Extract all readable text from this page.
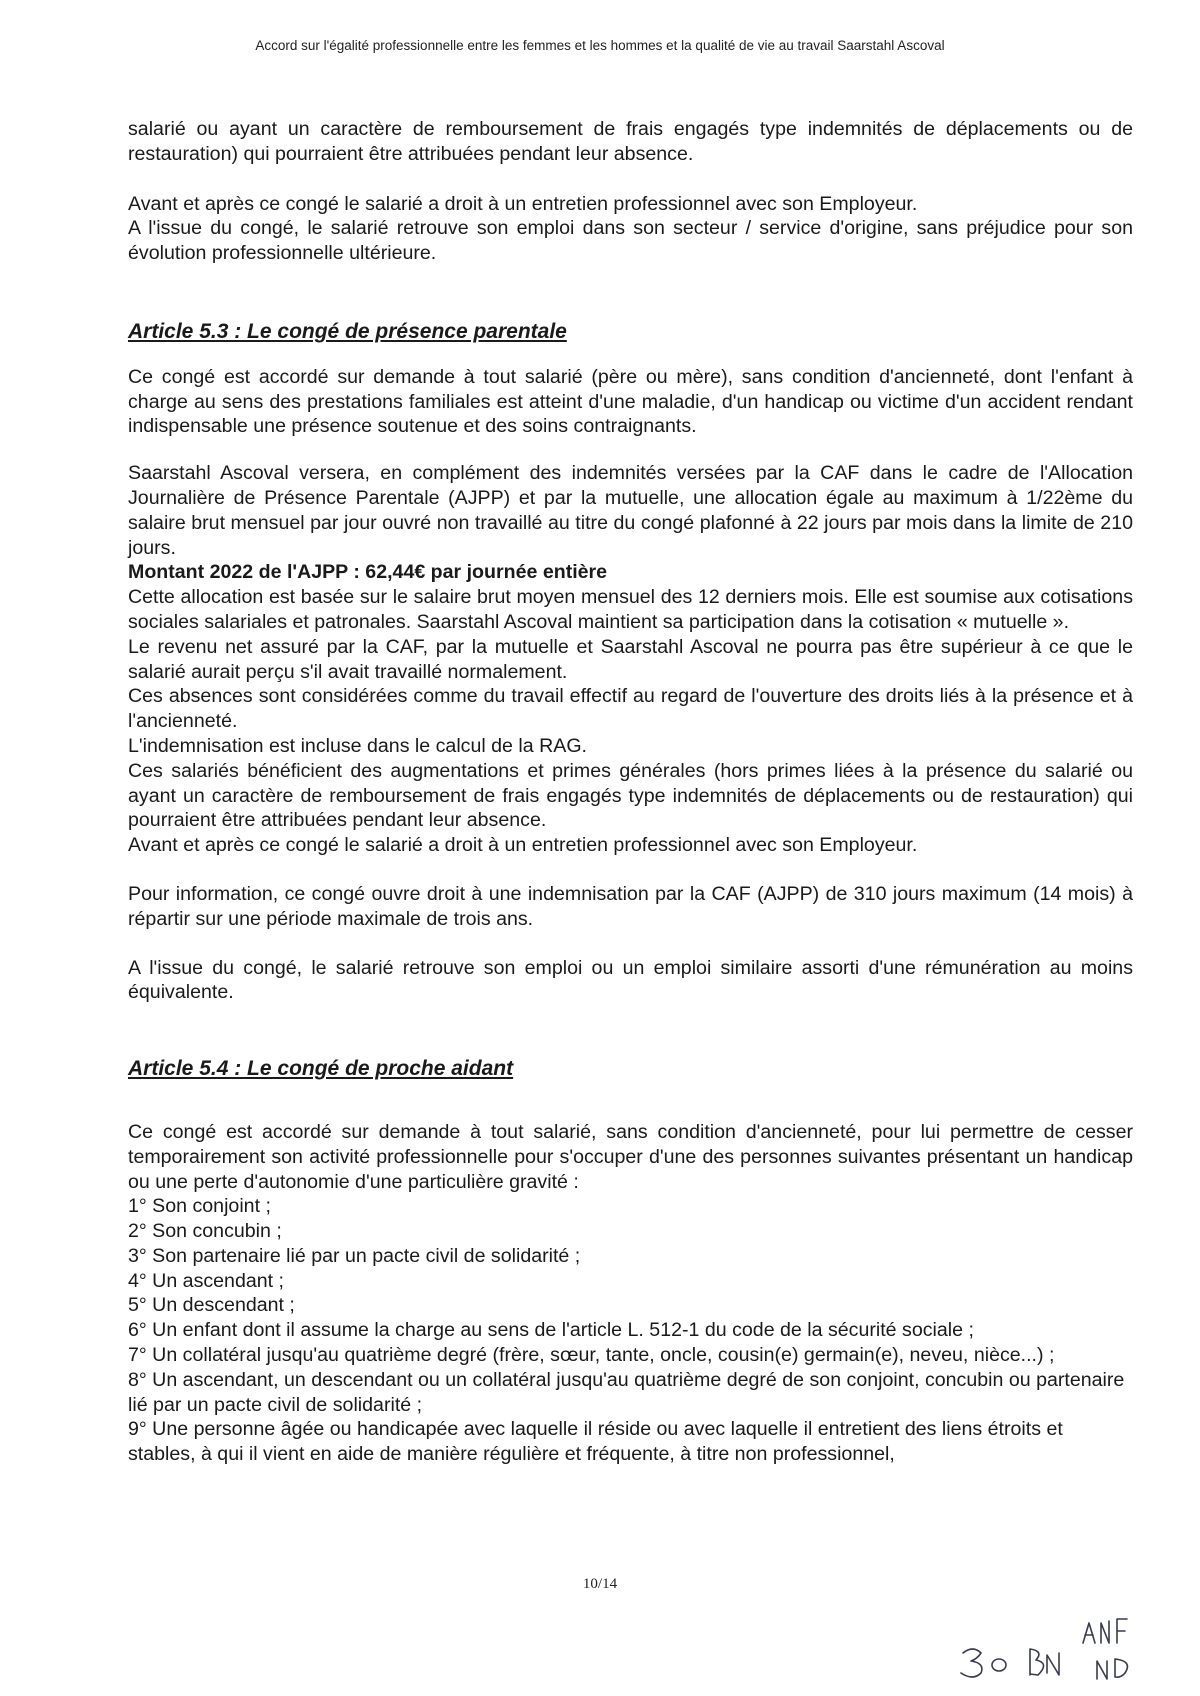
Accord sur l'égalité professionnelle entre les femmes et les hommes et la qualité de vie au travail Saarstahl Ascoval

salarié ou ayant un caractère de remboursement de frais engagés type indemnités de déplacements ou de restauration) qui pourraient être attribuées pendant leur absence.

Avant et après ce congé le salarié a droit à un entretien professionnel avec son Employeur.

A l'issue du congé, le salarié retrouve son emploi dans son secteur / service d'origine, sans préjudice pour son évolution professionnelle ultérieure.

Article 5.3 : Le congé de présence parentale

Ce congé est accordé sur demande à tout salarié (père ou mère), sans condition d'ancienneté, dont l'enfant à charge au sens des prestations familiales est atteint d'une maladie, d'un handicap ou victime d'un accident rendant indispensable une présence soutenue et des soins contraignants.

Saarstahl Ascoval versera, en complément des indemnités versées par la CAF dans le cadre de l'Allocation Journalière de Présence Parentale (AJPP) et par la mutuelle, une allocation égale au maximum à 1/22ème du salaire brut mensuel par jour ouvré non travaillé au titre du congé plafonné à 22 jours par mois dans la limite de 210 jours.

Montant 2022 de l'AJPP : 62,44€ par journée entière

Cette allocation est basée sur le salaire brut moyen mensuel des 12 derniers mois. Elle est soumise aux cotisations sociales salariales et patronales. Saarstahl Ascoval maintient sa participation dans la cotisation « mutuelle ».

Le revenu net assuré par la CAF, par la mutuelle et Saarstahl Ascoval ne pourra pas être supérieur à ce que le salarié aurait perçu s'il avait travaillé normalement.

Ces absences sont considérées comme du travail effectif au regard de l'ouverture des droits liés à la présence et à l'ancienneté.

L'indemnisation est incluse dans le calcul de la RAG.

Ces salariés bénéficient des augmentations et primes générales (hors primes liées à la présence du salarié ou ayant un caractère de remboursement de frais engagés type indemnités de déplacements ou de restauration) qui pourraient être attribuées pendant leur absence.

Avant et après ce congé le salarié a droit à un entretien professionnel avec son Employeur.

Pour information, ce congé ouvre droit à une indemnisation par la CAF (AJPP) de 310 jours maximum (14 mois) à répartir sur une période maximale de trois ans.

A l'issue du congé, le salarié retrouve son emploi ou un emploi similaire assorti d'une rémunération au moins équivalente.

Article 5.4 : Le congé de proche aidant

Ce congé est accordé sur demande à tout salarié, sans condition d'ancienneté, pour lui permettre de cesser temporairement son activité professionnelle pour s'occuper d'une des personnes suivantes présentant un handicap ou une perte d'autonomie d'une particulière gravité :

1° Son conjoint ;

2° Son concubin ;

3° Son partenaire lié par un pacte civil de solidarité ;

4° Un ascendant ;

5° Un descendant ;

6° Un enfant dont il assume la charge au sens de l'article L. 512-1 du code de la sécurité sociale ;

7° Un collatéral jusqu'au quatrième degré (frère, sœur, tante, oncle, cousin(e) germain(e), neveu, nièce...) ;

8° Un ascendant, un descendant ou un collatéral jusqu'au quatrième degré de son conjoint, concubin ou partenaire lié par un pacte civil de solidarité ;

9° Une personne âgée ou handicapée avec laquelle il réside ou avec laquelle il entretient des liens étroits et stables, à qui il vient en aide de manière régulière et fréquente, à titre non professionnel,

10/14
